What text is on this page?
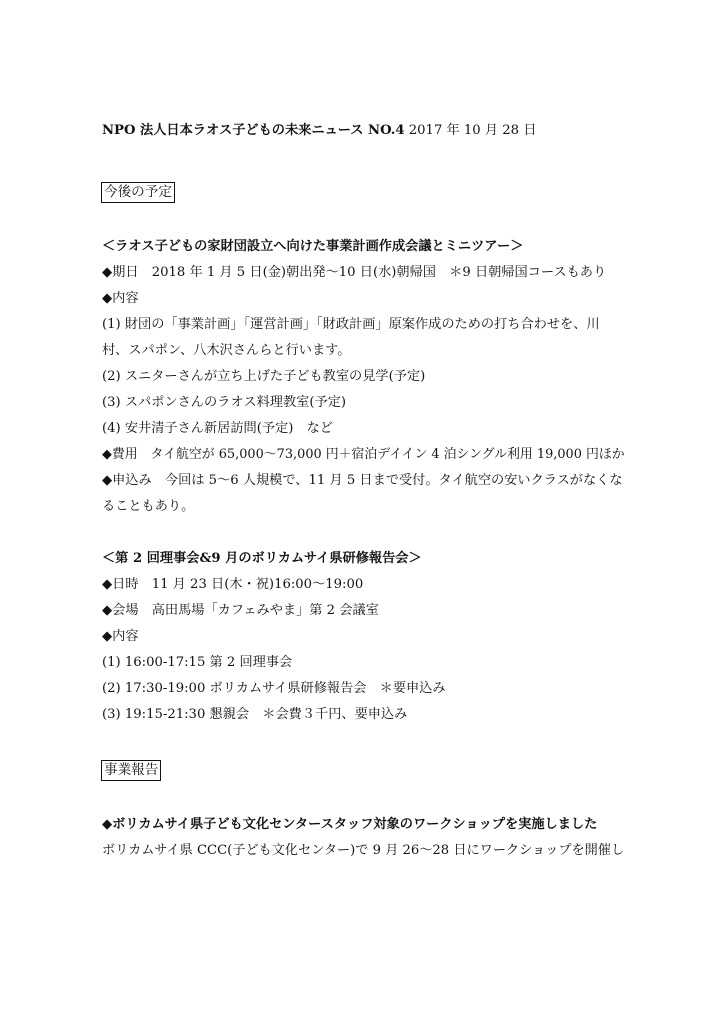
NPO 法人日本ラオス子どもの未来ニュース NO.4 2017 年 10 月 28 日
今後の予定
＜ラオス子どもの家財団設立へ向けた事業計画作成会議とミニツアー＞
◆期日　2018 年 1 月 5 日(金)朝出発～10 日(水)朝帰国　＊9 日朝帰国コースもあり
◆内容
(1) 財団の「事業計画」「運営計画」「財政計画」原案作成のための打ち合わせを、川
村、スパポン、八木沢さんらと行います。
(2) スニターさんが立ち上げた子ども教室の見学(予定)
(3) スパポンさんのラオス料理教室(予定)
(4) 安井清子さん新居訪問(予定)　など
◆費用　タイ航空が 65,000～73,000 円＋宿泊デイイン 4 泊シングル利用 19,000 円ほか
◆申込み　今回は 5～6 人規模で、11 月 5 日まで受付。タイ航空の安いクラスがなくな
ることもあり。
＜第 2 回理事会&9 月のボリカムサイ県研修報告会＞
◆日時　11 月 23 日(木・祝)16:00～19:00
◆会場　高田馬場「カフェみやま」第 2 会議室
◆内容
(1) 16:00-17:15 第 2 回理事会
(2) 17:30-19:00 ボリカムサイ県研修報告会　＊要申込み
(3) 19:15-21:30 懇親会　＊会費３千円、要申込み
事業報告
◆ボリカムサイ県子ども文化センタースタッフ対象のワークショップを実施しました
ボリカムサイ県 CCC(子ども文化センター)で 9 月 26～28 日にワークショップを開催し
